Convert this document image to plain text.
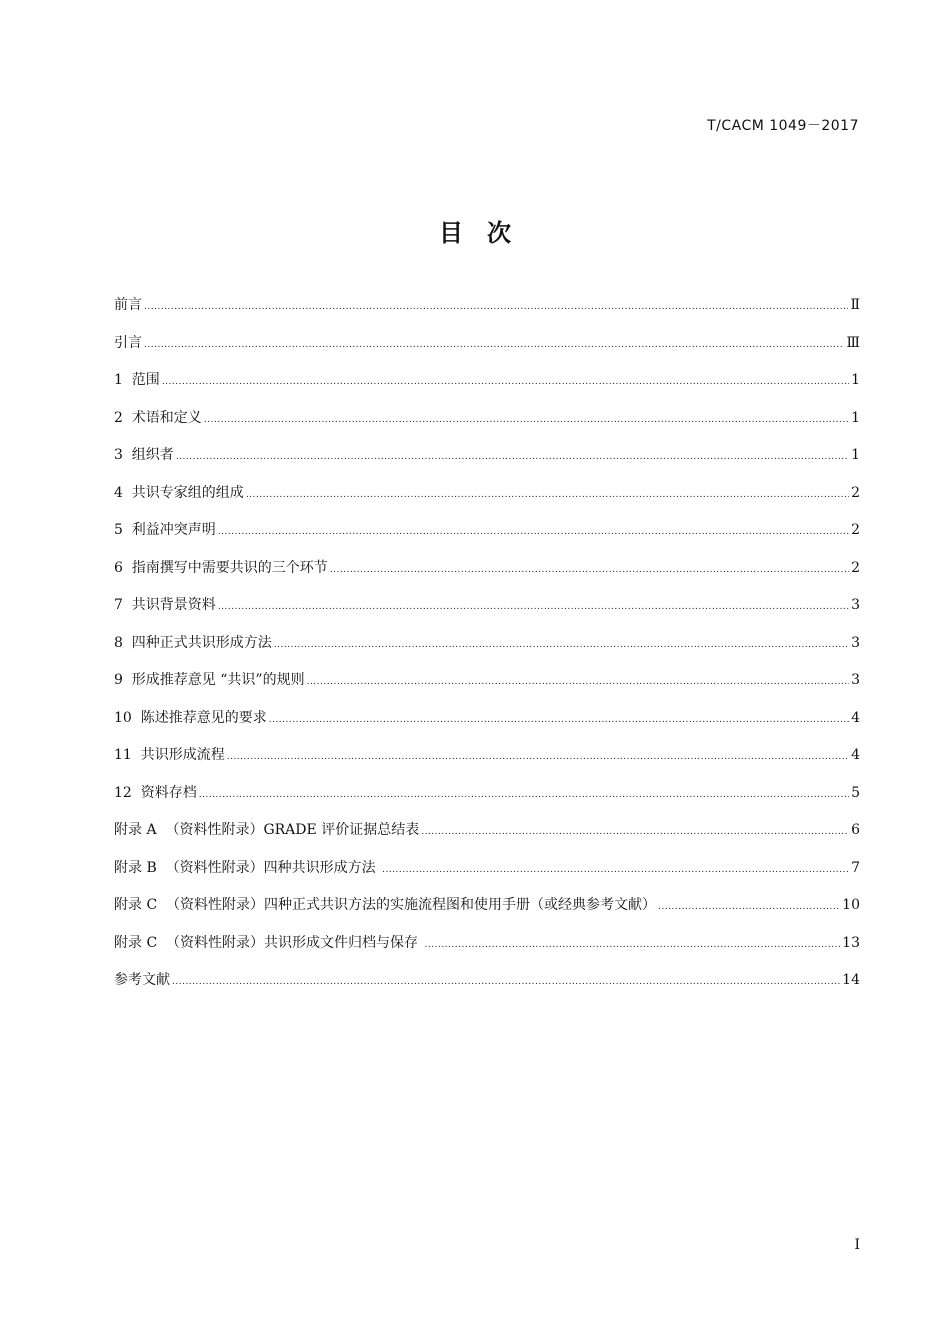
T/CACM 1049－2017
目　次
前言 .....	Ⅱ
引言 .....	Ⅲ
1  范围 .....	1
2  术语和定义 .....	1
3  组织者 .....	1
4  共识专家组的组成 .....	2
5  利益冲突声明 .....	2
6  指南撰写中需要共识的三个环节 .....	2
7  共识背景资料 .....	3
8  四种正式共识形成方法 .....	3
9  形成推荐意见 “共识”的规则 .....	3
10  陈述推荐意见的要求 .....	4
11  共识形成流程 .....	4
12  资料存档 .....	5
附录 A  （资料性附录）GRADE 评价证据总结表 .....	6
附录 B  （资料性附录）四种共识形成方法 .....	7
附录 C  （资料性附录）四种正式共识方法的实施流程图和使用手册（或经典参考文献） .....	10
附录 C  （资料性附录）共识形成文件归档与保存 .....	13
参考文献 .....	14
I
